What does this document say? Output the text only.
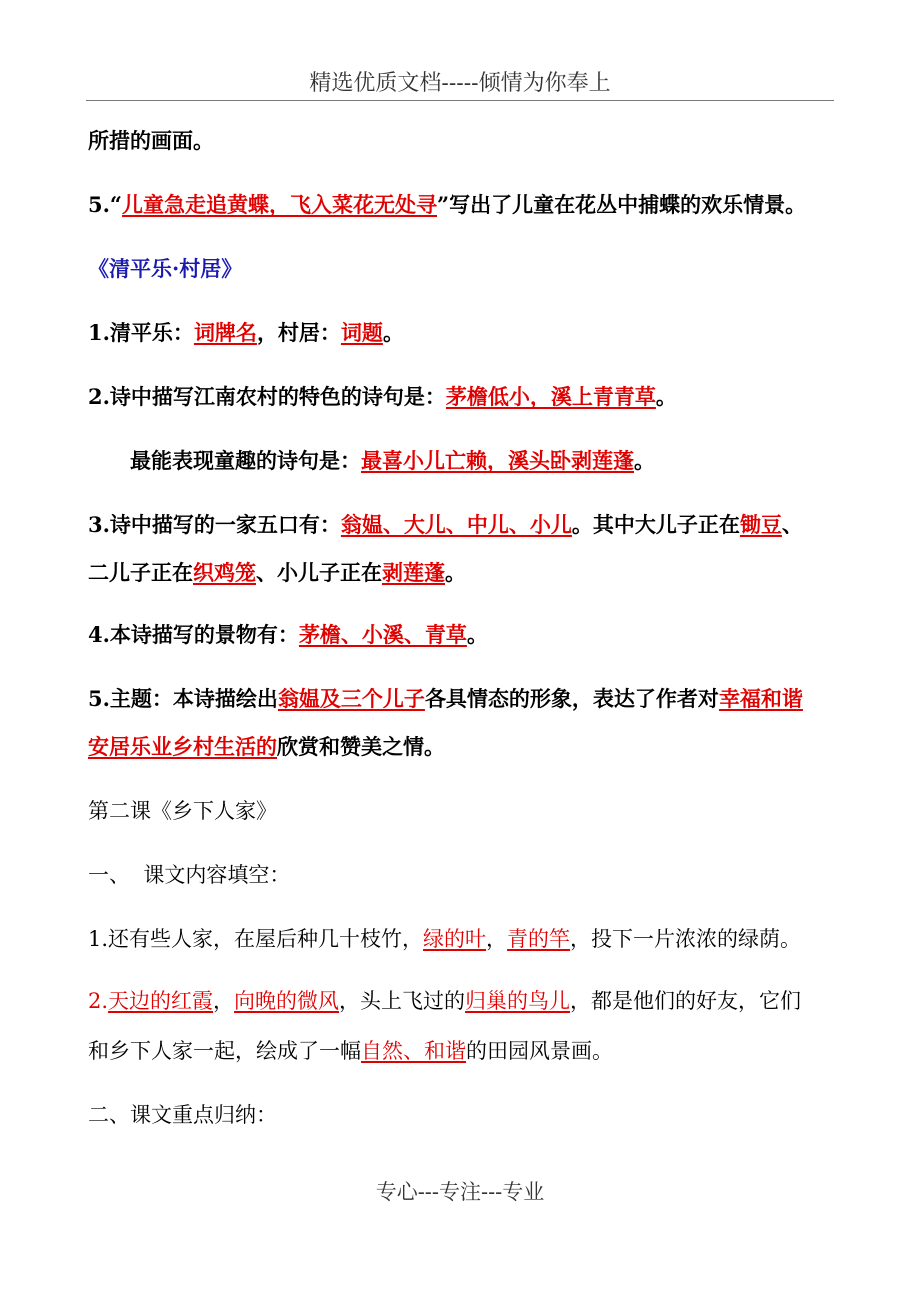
精选优质文档-----倾情为你奉上
所措的画面。
5.“儿童急走追黄蝶，飞入菜花无处寻”写出了儿童在花丛中捕蝶的欢乐情景。
《清平乐·村居》
1.清平乐：词牌名，村居：词题。
2.诗中描写江南农村的特色的诗句是：茅檐低小，溪上青青草。
最能表现童趣的诗句是：最喜小儿亡赖，溪头卧剥莲蓬。
3.诗中描写的一家五口有：翁媪、大儿、中儿、小儿。其中大儿子正在锄豆、
二儿子正在织鸡笼、小儿子正在剥莲蓬。
4.本诗描写的景物有：茅檐、小溪、青草。
5.主题：本诗描绘出翁媪及三个儿子各具情态的形象，表达了作者对幸福和谐
安居乐业乡村生活的欣赏和赞美之情。
第二课《乡下人家》
一、  课文内容填空：
1.还有些人家，在屋后种几十枝竹，绿的叶，青的竿，投下一片浓浓的绿荫。
2.天边的红霞，向晚的微风，头上飞过的归巢的鸟儿，都是他们的好友，它们
和乡下人家一起，绘成了一幅自然、和谐的田园风景画。
二、课文重点归纳：
专心---专注---专业
